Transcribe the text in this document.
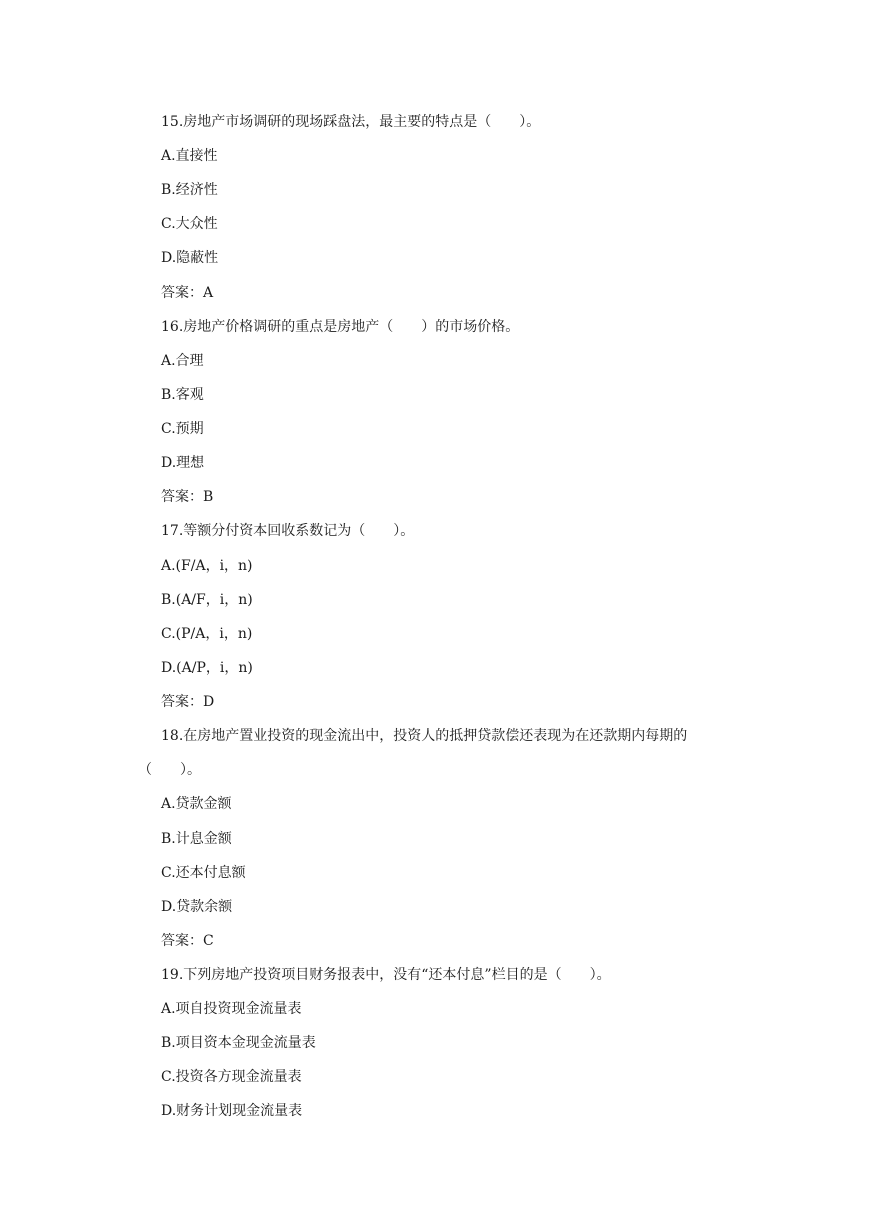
15.房地产市场调研的现场踩盘法，最主要的特点是（　　）。
A.直接性
B.经济性
C.大众性
D.隐蔽性
答案：A
16.房地产价格调研的重点是房地产（　　）的市场价格。
A.合理
B.客观
C.预期
D.理想
答案：B
17.等额分付资本回收系数记为（　　）。
A.(F/A，i，n)
B.(A/F，i，n)
C.(P/A，i，n)
D.(A/P，i，n)
答案：D
18.在房地产置业投资的现金流出中，投资人的抵押贷款偿还表现为在还款期内每期的
（　　）。
A.贷款金额
B.计息金额
C.还本付息额
D.贷款余额
答案：C
19.下列房地产投资项目财务报表中，没有“还本付息”栏目的是（　　）。
A.项自投资现金流量表
B.项目资本金现金流量表
C.投资各方现金流量表
D.财务计划现金流量表
